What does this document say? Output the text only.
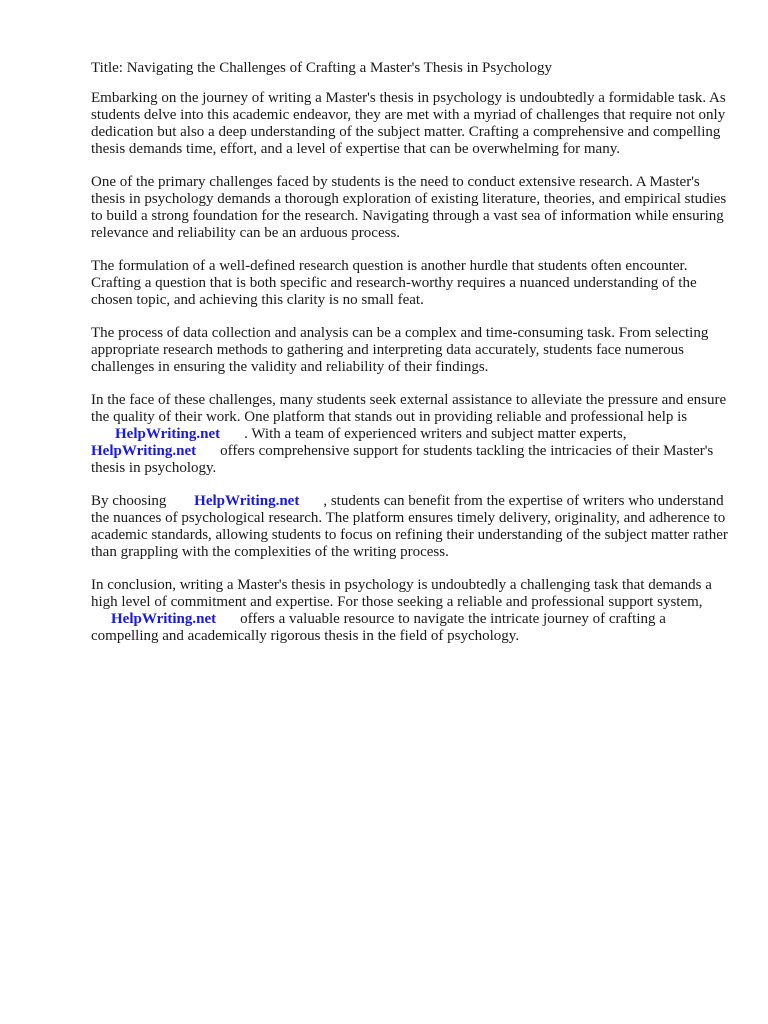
Title: Navigating the Challenges of Crafting a Master's Thesis in Psychology

Embarking on the journey of writing a Master's thesis in psychology is undoubtedly a formidable task. As students delve into this academic endeavor, they are met with a myriad of challenges that require not only dedication but also a deep understanding of the subject matter. Crafting a comprehensive and compelling thesis demands time, effort, and a level of expertise that can be overwhelming for many.

One of the primary challenges faced by students is the need to conduct extensive research. A Master's thesis in psychology demands a thorough exploration of existing literature, theories, and empirical studies to build a strong foundation for the research. Navigating through a vast sea of information while ensuring relevance and reliability can be an arduous process.

The formulation of a well-defined research question is another hurdle that students often encounter. Crafting a question that is both specific and research-worthy requires a nuanced understanding of the chosen topic, and achieving this clarity is no small feat.

The process of data collection and analysis can be a complex and time-consuming task. From selecting appropriate research methods to gathering and interpreting data accurately, students face numerous challenges in ensuring the validity and reliability of their findings.

In the face of these challenges, many students seek external assistance to alleviate the pressure and ensure the quality of their work. One platform that stands out in providing reliable and professional help is HelpWriting.net . With a team of experienced writers and subject matter experts,
HelpWriting.net offers comprehensive support for students tackling the intricacies of their Master's thesis in psychology.

By choosing HelpWriting.net , students can benefit from the expertise of writers who understand the nuances of psychological research. The platform ensures timely delivery, originality, and adherence to academic standards, allowing students to focus on refining their understanding of the subject matter rather than grappling with the complexities of the writing process.

In conclusion, writing a Master's thesis in psychology is undoubtedly a challenging task that demands a high level of commitment and expertise. For those seeking a reliable and professional support system, HelpWriting.net offers a valuable resource to navigate the intricate journey of crafting a compelling and academically rigorous thesis in the field of psychology.
